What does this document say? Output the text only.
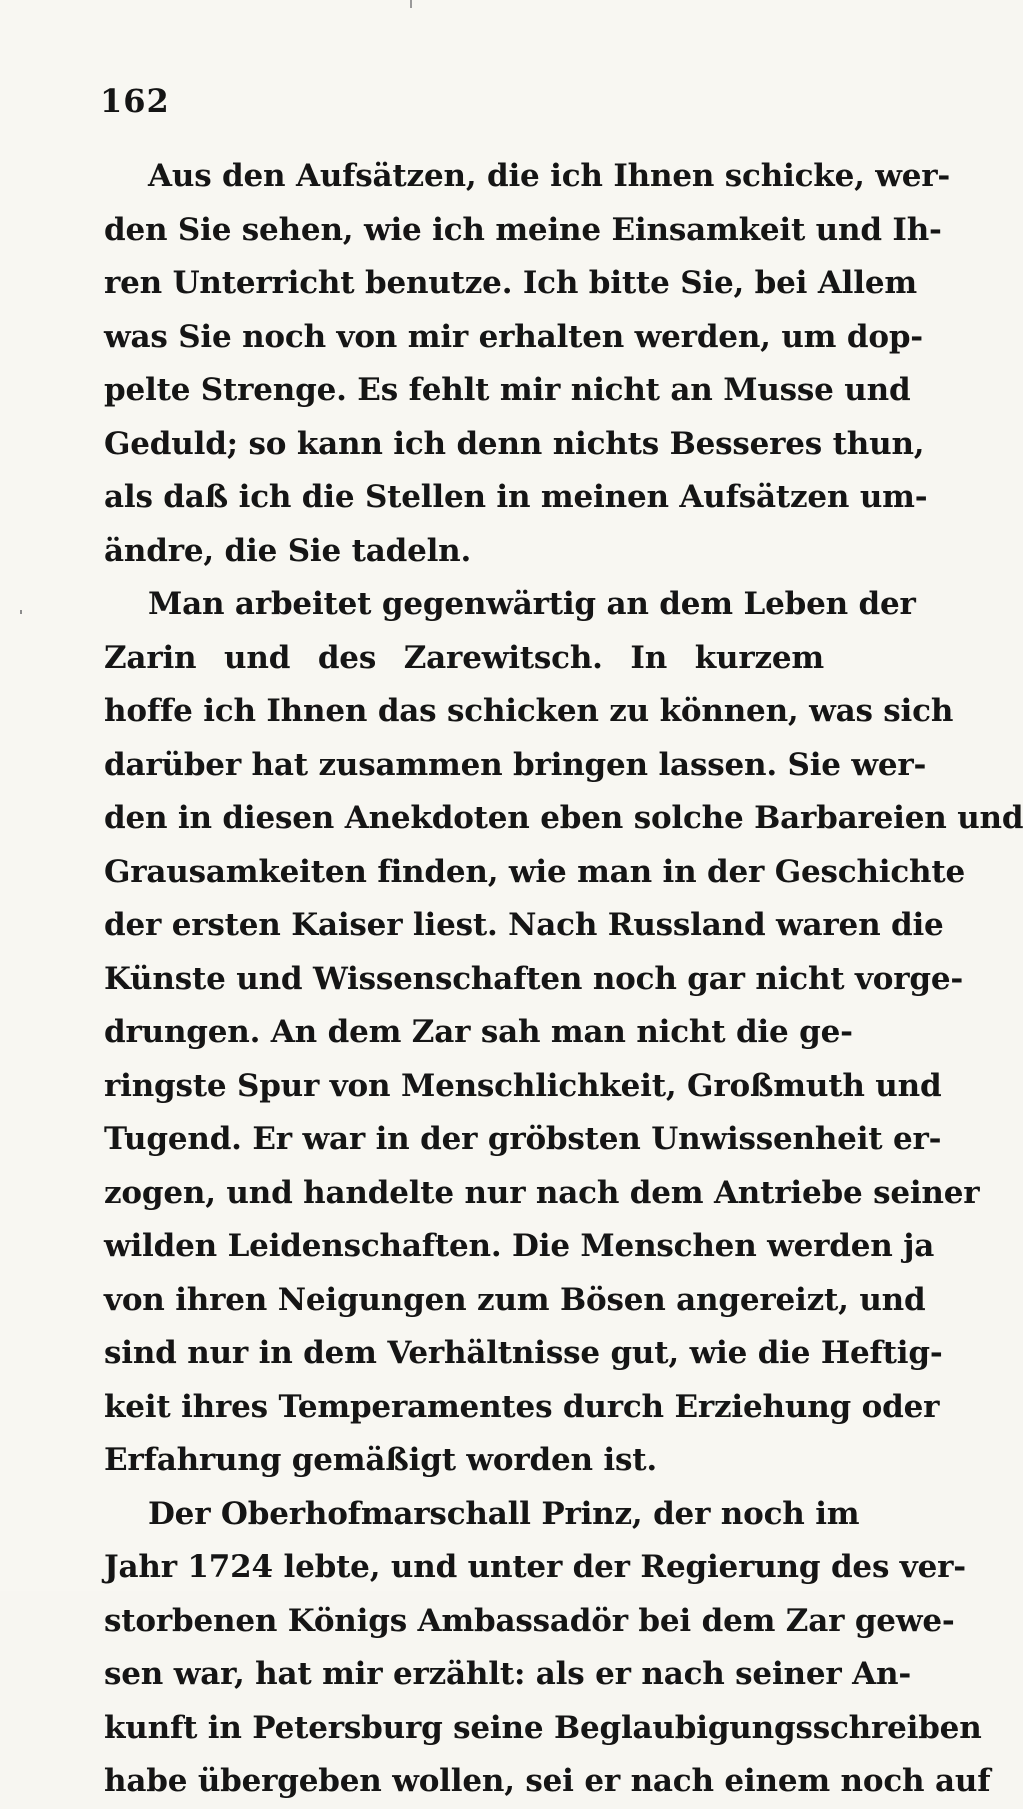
162
Aus den Aufsätzen, die ich Ihnen schicke, wer-
den Sie sehen, wie ich meine Einsamkeit und Ih-
ren Unterricht benutze. Ich bitte Sie, bei Allem
was Sie noch von mir erhalten werden, um dop-
pelte Strenge. Es fehlt mir nicht an Musse und
Geduld; so kann ich denn nichts Besseres thun,
als daß ich die Stellen in meinen Aufsätzen um-
ändre, die Sie tadeln.
Man arbeitet gegenwärtig an dem Leben der
Zarin und des Zarewitsch. In kurzem
hoffe ich Ihnen das schicken zu können, was sich
darüber hat zusammen bringen lassen. Sie wer-
den in diesen Anekdoten eben solche Barbareien und
Grausamkeiten finden, wie man in der Geschichte
der ersten Kaiser liest. Nach Russland waren die
Künste und Wissenschaften noch gar nicht vorge-
drungen. An dem Zar sah man nicht die ge-
ringste Spur von Menschlichkeit, Großmuth und
Tugend. Er war in der gröbsten Unwissenheit er-
zogen, und handelte nur nach dem Antriebe seiner
wilden Leidenschaften. Die Menschen werden ja
von ihren Neigungen zum Bösen angereizt, und
sind nur in dem Verhältnisse gut, wie die Heftig-
keit ihres Temperamentes durch Erziehung oder
Erfahrung gemäßigt worden ist.
Der Oberhofmarschall Prinz, der noch im
Jahr 1724 lebte, und unter der Regierung des ver-
storbenen Königs Ambassadör bei dem Zar gewe-
sen war, hat mir erzählt: als er nach seiner An-
kunft in Petersburg seine Beglaubigungsschreiben
habe übergeben wollen, sei er nach einem noch auf
